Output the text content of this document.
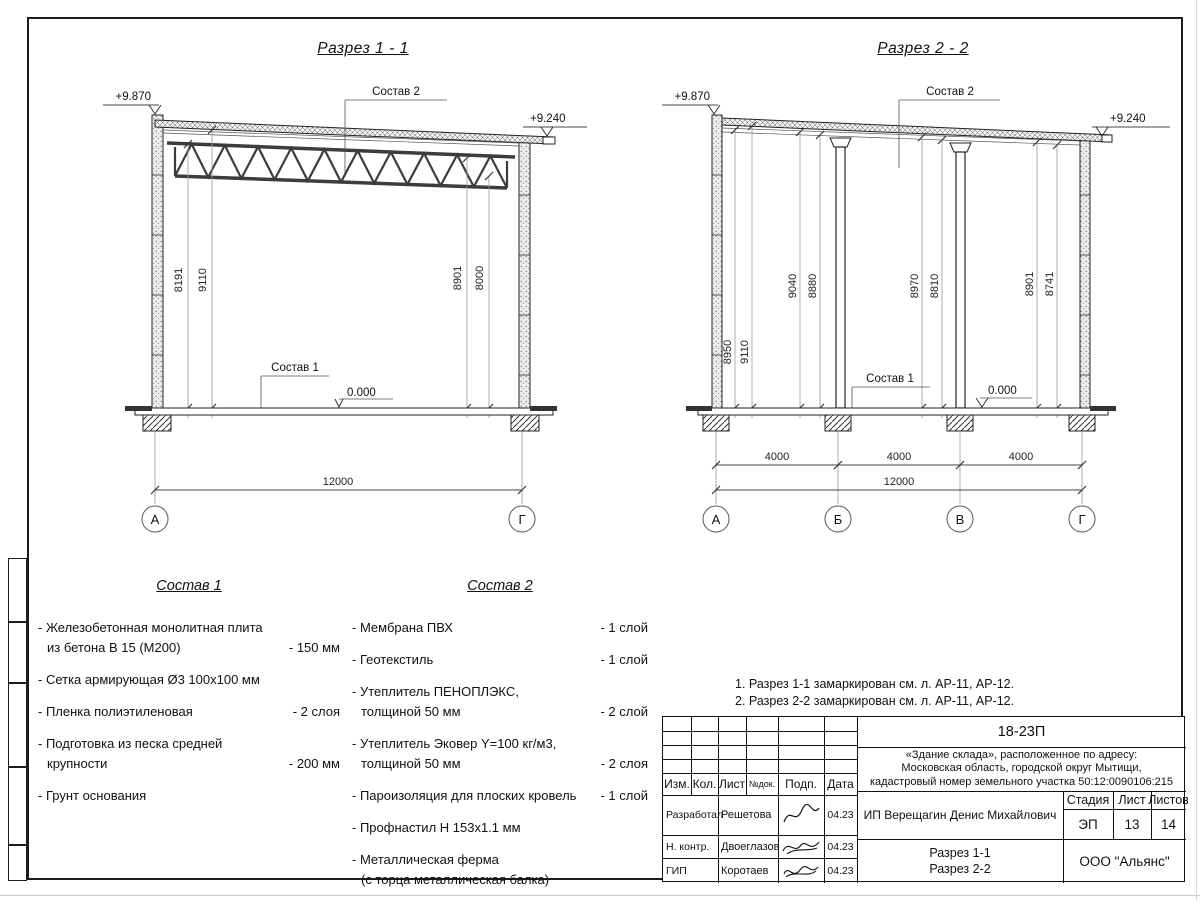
Разрез 1 - 1	Разрез 2 - 2
8191 9110	8901 8000
Состав 2
Состав 1
0.000
12000
А	Г
+9.870
+9.240
8950 9110
9040 8880	8970 8810	8901 8741
Состав 2
Состав 1
0.000
4000	4000	4000
12000
А	Б	В	Г
+9.870
+9.240
Состав 1
- Железобетонная монолитная плита
из бетона В 15 (М200)	- 150 мм
- Сетка армирующая Ø3 100х100 мм
- Пленка полиэтиленовая	- 2 слоя
- Подготовка из песка средней
крупности	- 200 мм
- Грунт основания
Состав 2
- Мембрана ПВХ	- 1 слой
- Геотекстиль	- 1 слой
- Утеплитель ПЕНОПЛЭКС,
толщиной 50 мм	- 2 слой
- Утеплитель Эковер Y=100 кг/м3,
толщиной 50 мм	- 2 слоя
- Пароизоляция для плоских кровель	- 1 слой
- Профнастил Н 153х1.1 мм
- Металлическая ферма
(с торца металлическая балка)
1. Разрез 1-1 замаркирован см. л. АР-11, АР-12.
2. Разрез 2-2 замаркирован см. л. АР-11, АР-12.
Изм. Кол. Лист №док. Подп. Дата
Разработал
Решетова	04.23
Н. контр.	Двоеглазов	04.23
ГИП	Коротаев	04.23
18-23П
«Здание склада», расположенное по адресу:
Московская область, городской округ Мытищи,
кадастровый номер земельного участка 50:12:0090106:215
ИП Верещагин Денис Михайлович
Стадия Лист Листов
ЭП	13	14
Разрез 1-1
Разрез 2-2
ООО "Альянс"
